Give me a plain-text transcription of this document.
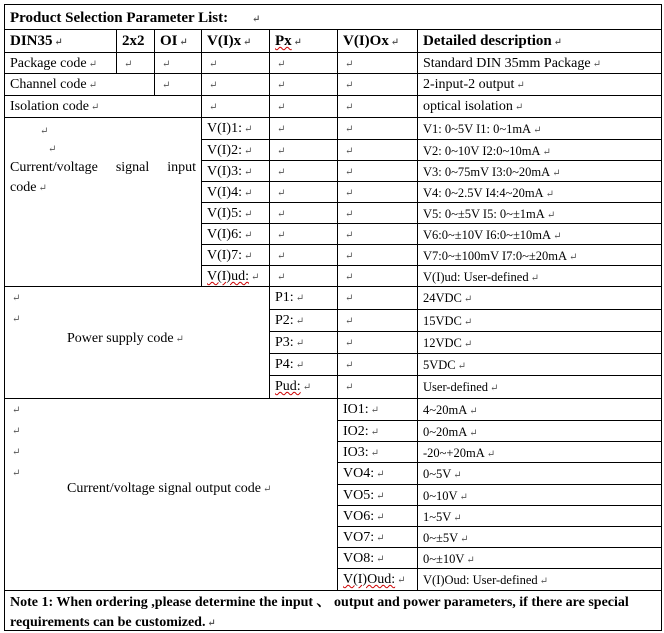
Product Selection Parameter List: ↵
DIN35 ↵	2x2	OI ↵	V(I)x ↵	Px ↵	V(I)Ox ↵	Detailed description ↵
Package code ↵	↵	↵	↵	↵	↵	Standard DIN 35mm Package ↵
Channel code ↵	↵	↵	↵	↵	2-input-2 output ↵
Isolation code ↵	↵	↵	↵	optical isolation ↵
↵
↵
Current/voltage signal input code ↵
V(I)1: ↵	↵	↵	V1: 0~5V I1: 0~1mA ↵
V(I)2: ↵	↵	↵	V2: 0~10V I2:0~10mA ↵
V(I)3: ↵	↵	↵	V3: 0~75mV I3:0~20mA ↵
V(I)4: ↵	↵	↵	V4: 0~2.5V I4:4~20mA ↵
V(I)5: ↵	↵	↵	V5: 0~±5V I5: 0~±1mA ↵
V(I)6: ↵	↵	↵	V6:0~±10V I6:0~±10mA ↵
V(I)7: ↵	↵	↵	V7:0~±100mV I7:0~±20mA ↵
V(I)ud: ↵	↵	↵	V(I)ud: User-defined ↵
↵
↵
Power supply code ↵
P1: ↵	↵	24VDC ↵
P2: ↵	↵	15VDC ↵
P3: ↵	↵	12VDC ↵
P4: ↵	↵	5VDC ↵
Pud: ↵	↵	User-defined ↵
↵
↵
↵
↵
Current/voltage signal output code ↵
IO1: ↵	4~20mA ↵
IO2: ↵	0~20mA ↵
IO3: ↵	-20~+20mA ↵
VO4: ↵	0~5V ↵
VO5: ↵	0~10V ↵
VO6: ↵	1~5V ↵
VO7: ↵	0~±5V ↵
VO8: ↵	0~±10V ↵
V(I)Oud: ↵	V(I)Oud: User-defined ↵
Note 1: When ordering ,please determine the input 、 output and power parameters, if there are special requirements can be customized. ↵
